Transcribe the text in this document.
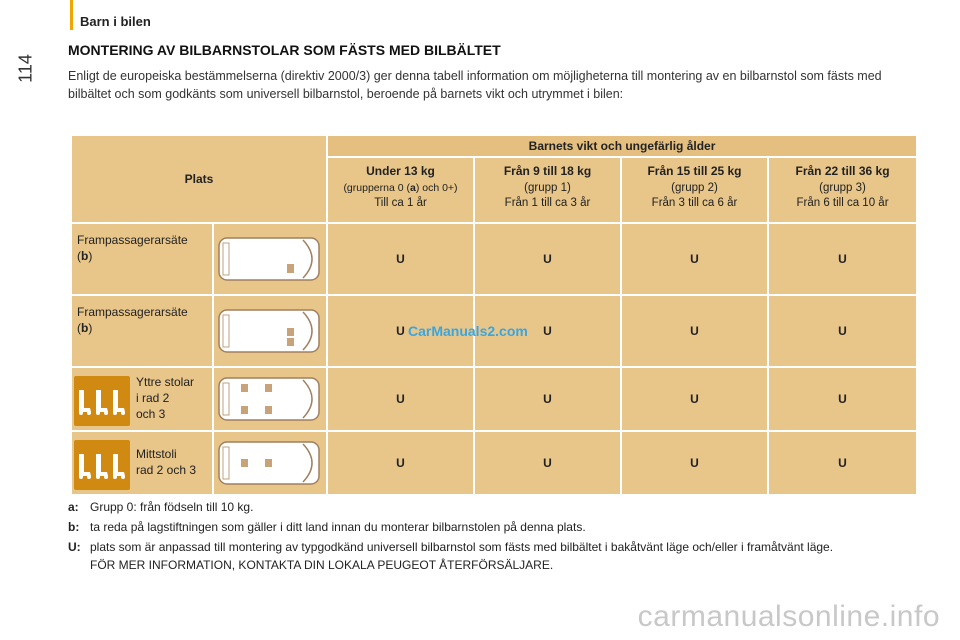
Barn i bilen
114
MONTERING AV BILBARNSTOLAR SOM FÄSTS MED BILBÄLTET
Enligt de europeiska bestämmelserna (direktiv 2000/3) ger denna tabell information om möjligheterna till montering av en bilbarnstol som fästs med bilbältet och som godkänts som universell bilbarnstol, beroende på barnets vikt och utrymmet i bilen:
Plats		Barnets vikt och ungefärlig ålder			

		Under 13 kg
(grupperna 0 (a) och 0+)
Till ca 1 år	Från 9 till 18 kg
(grupp 1)
Från 1 till ca 3 år	Från 15 till 25 kg
(grupp 2)
Från 3 till ca 6 år	Från 22 till 36 kg
(grupp 3)
Från 6 till ca 10 år

Frampassagerarsäte
(b)		U	U	U	U
Frampassagerarsäte
(b)		U	U	U	U

Yttre stolar
i rad 2
och 3		U	U	U	U

Mittstoli
rad 2 och 3		U	U	U	U
CarManuals2.com
a: Grupp 0: från födseln till 10 kg.
b: ta reda på lagstiftningen som gäller i ditt land innan du monterar bilbarnstolen på denna plats.
U: plats som är anpassad till montering av typgodkänd universell bilbarnstol som fästs med bilbältet i bakåtvänt läge och/eller i framåtvänt läge.
FÖR MER INFORMATION, KONTAKTA DIN LOKALA PEUGEOT ÅTERFÖRSÄLJARE.
carmanualsonline.info
